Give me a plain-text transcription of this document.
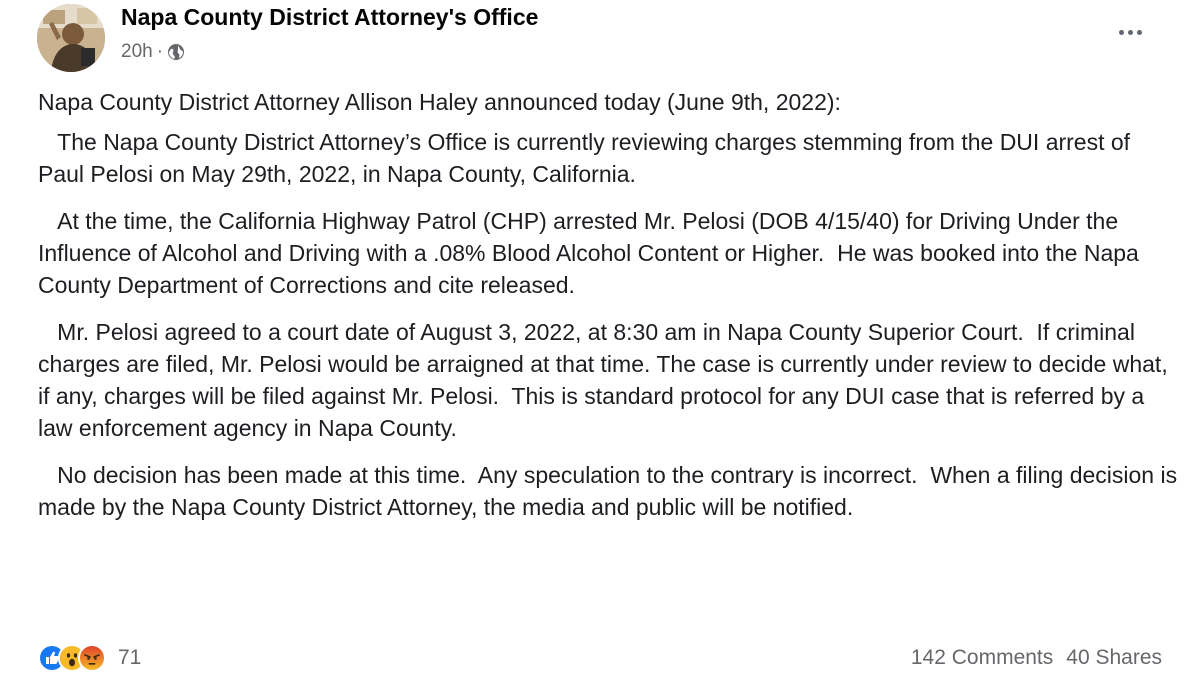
Napa County District Attorney's Office
20h ·

Napa County District Attorney Allison Haley announced today (June 9th, 2022):

The Napa County District Attorney’s Office is currently reviewing charges stemming from the DUI arrest of Paul Pelosi on May 29th, 2022, in Napa County, California.

At the time, the California Highway Patrol (CHP) arrested Mr. Pelosi (DOB 4/15/40) for Driving Under the Influence of Alcohol and Driving with a .08% Blood Alcohol Content or Higher.  He was booked into the Napa County Department of Corrections and cite released.

Mr. Pelosi agreed to a court date of August 3, 2022, at 8:30 am in Napa County Superior Court.  If criminal charges are filed, Mr. Pelosi would be arraigned at that time. The case is currently under review to decide what, if any, charges will be filed against Mr. Pelosi.  This is standard protocol for any DUI case that is referred by a law enforcement agency in Napa County.

No decision has been made at this time.  Any speculation to the contrary is incorrect.  When a filing decision is made by the Napa County District Attorney, the media and public will be notified.

71	142 Comments 40 Shares
